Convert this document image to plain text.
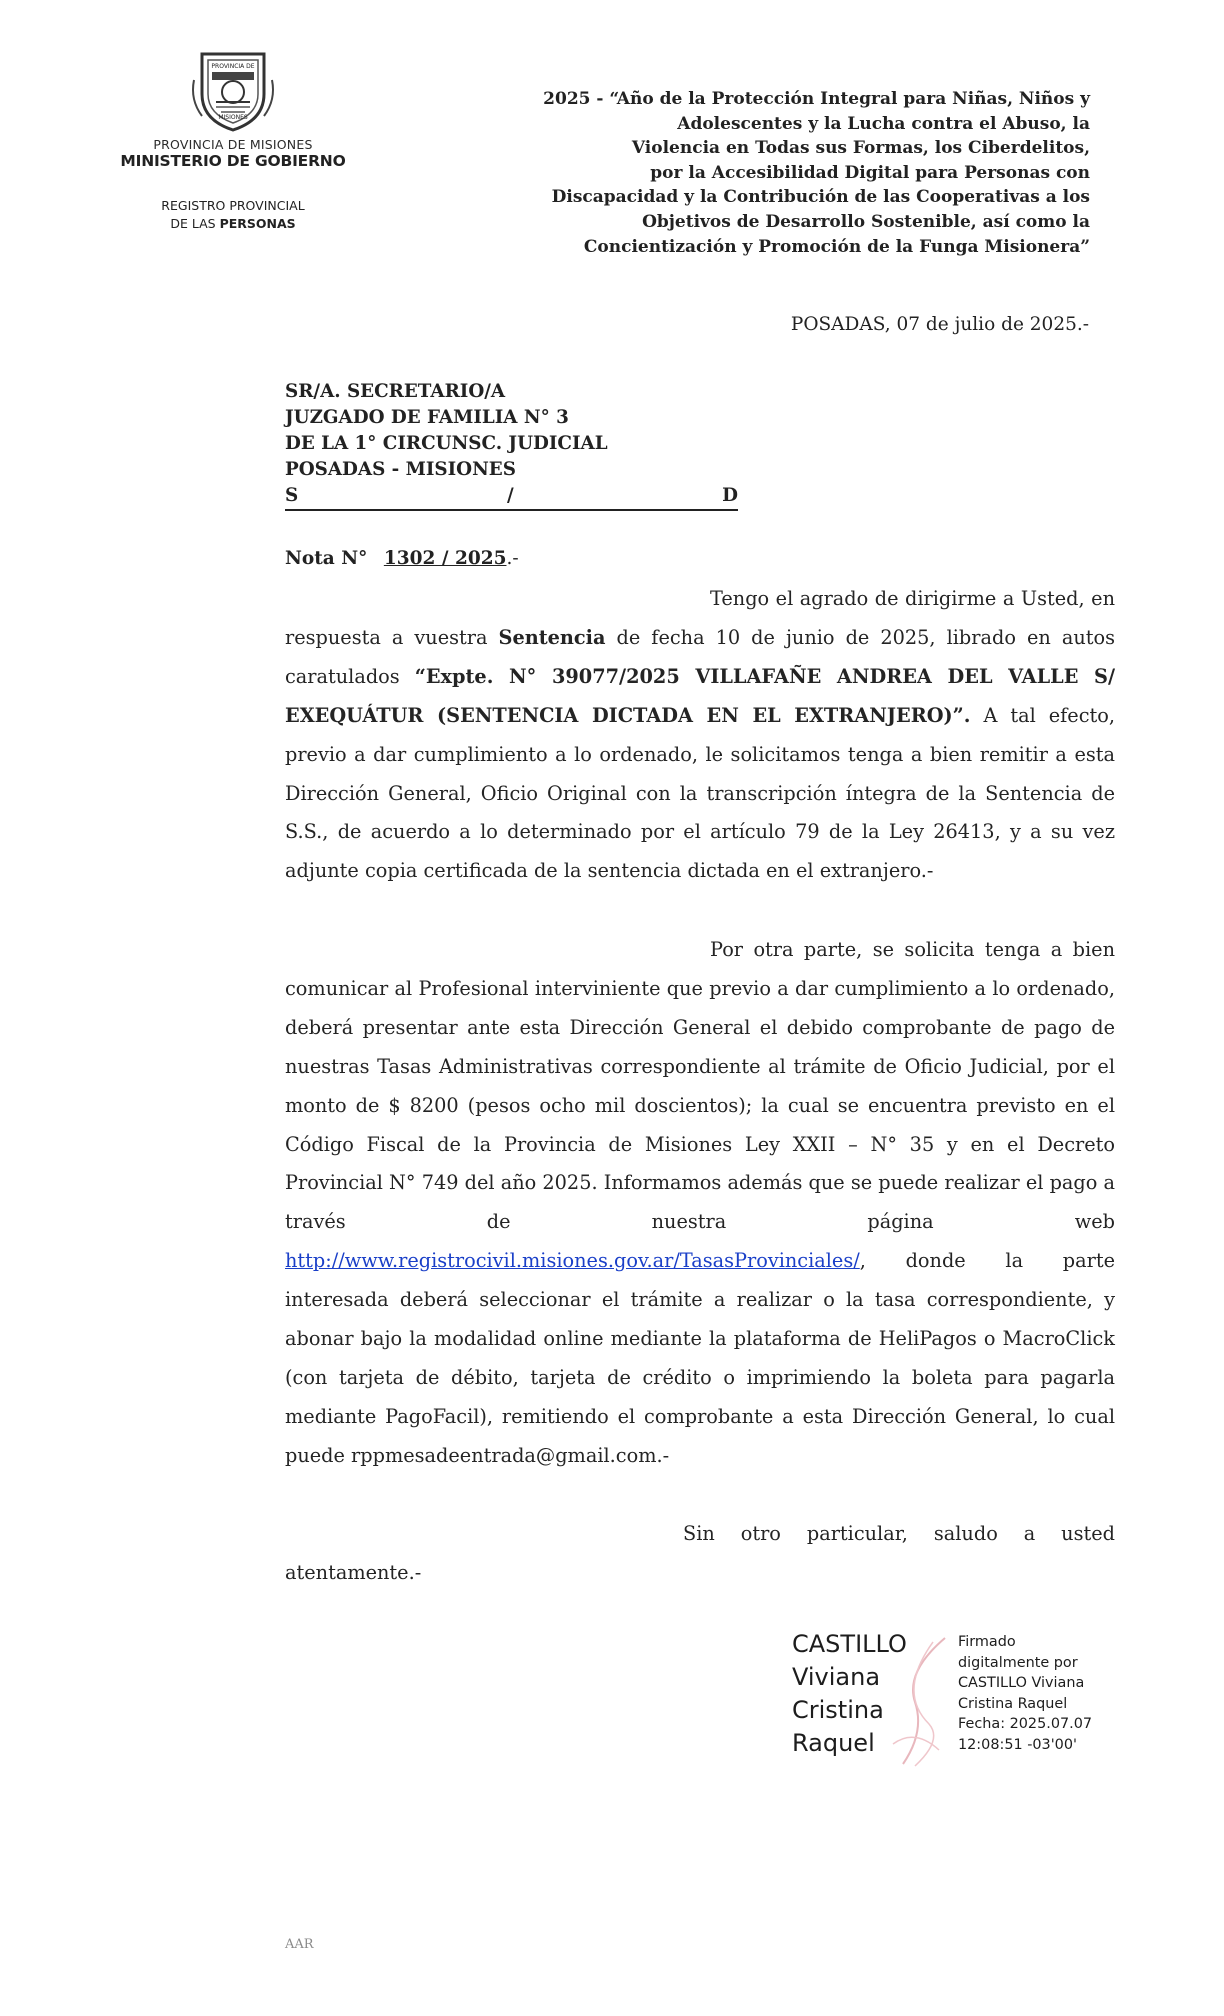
PROVINCIA DE
MISIONES
PROVINCIA DE MISIONES
MINISTERIO DE GOBIERNO
REGISTRO PROVINCIAL
DE LAS PERSONAS
2025 - “Año de la Protección Integral para Niñas, Niños y
Adolescentes y la Lucha contra el Abuso, la
Violencia en Todas sus Formas, los Ciberdelitos,
por la Accesibilidad Digital para Personas con
Discapacidad y la Contribución de las Cooperativas a los
Objetivos de Desarrollo Sostenible, así como la
Concientización y Promoción de la Funga Misionera”
POSADAS, 07 de julio de 2025.-
SR/A. SECRETARIO/A
JUZGADO DE FAMILIA N° 3
DE LA 1° CIRCUNSC. JUDICIAL
POSADAS - MISIONES
S	/	D
Nota N° 1302 / 2025.-

Tengo el agrado de dirigirme a Usted, en respuesta a vuestra Sentencia de fecha 10 de junio de 2025, librado en autos caratulados “Expte. N° 39077/2025 VILLAFAÑE ANDREA DEL VALLE S/ EXEQUÁTUR (SENTENCIA DICTADA EN EL EXTRANJERO)”. A tal efecto, previo a dar cumplimiento a lo ordenado, le solicitamos tenga a bien remitir a esta Dirección General, Oficio Original con la transcripción íntegra de la Sentencia de S.S., de acuerdo a lo determinado por el artículo 79 de la Ley 26413, y a su vez adjunte copia certificada de la sentencia dictada en el extranjero.-

Por otra parte, se solicita tenga a bien comunicar al Profesional interviniente que previo a dar cumplimiento a lo ordenado, deberá presentar ante esta Dirección General el debido comprobante de pago de nuestras Tasas Administrativas correspondiente al trámite de Oficio Judicial, por el monto de $ 8200 (pesos ocho mil doscientos); la cual se encuentra previsto en el Código Fiscal de la Provincia de Misiones Ley XXII – N° 35 y en el Decreto Provincial N° 749 del año 2025. Informamos además que se puede realizar el pago a través de nuestra página web http://www.registrocivil.misiones.gov.ar/TasasProvinciales/, donde la parte interesada deberá seleccionar el trámite a realizar o la tasa correspondiente, y abonar bajo la modalidad online mediante la plataforma de HeliPagos o MacroClick (con tarjeta de débito, tarjeta de crédito o imprimiendo la boleta para pagarla mediante PagoFacil), remitiendo el comprobante a esta Dirección General, lo cual puede rppmesadeentrada@gmail.com.-

Sin otro particular, saludo a usted atentamente.-

CASTILLO
Viviana
Cristina
Raquel
Firmado
digitalmente por
CASTILLO Viviana
Cristina Raquel
Fecha: 2025.07.07
12:08:51 -03'00'
AAR
